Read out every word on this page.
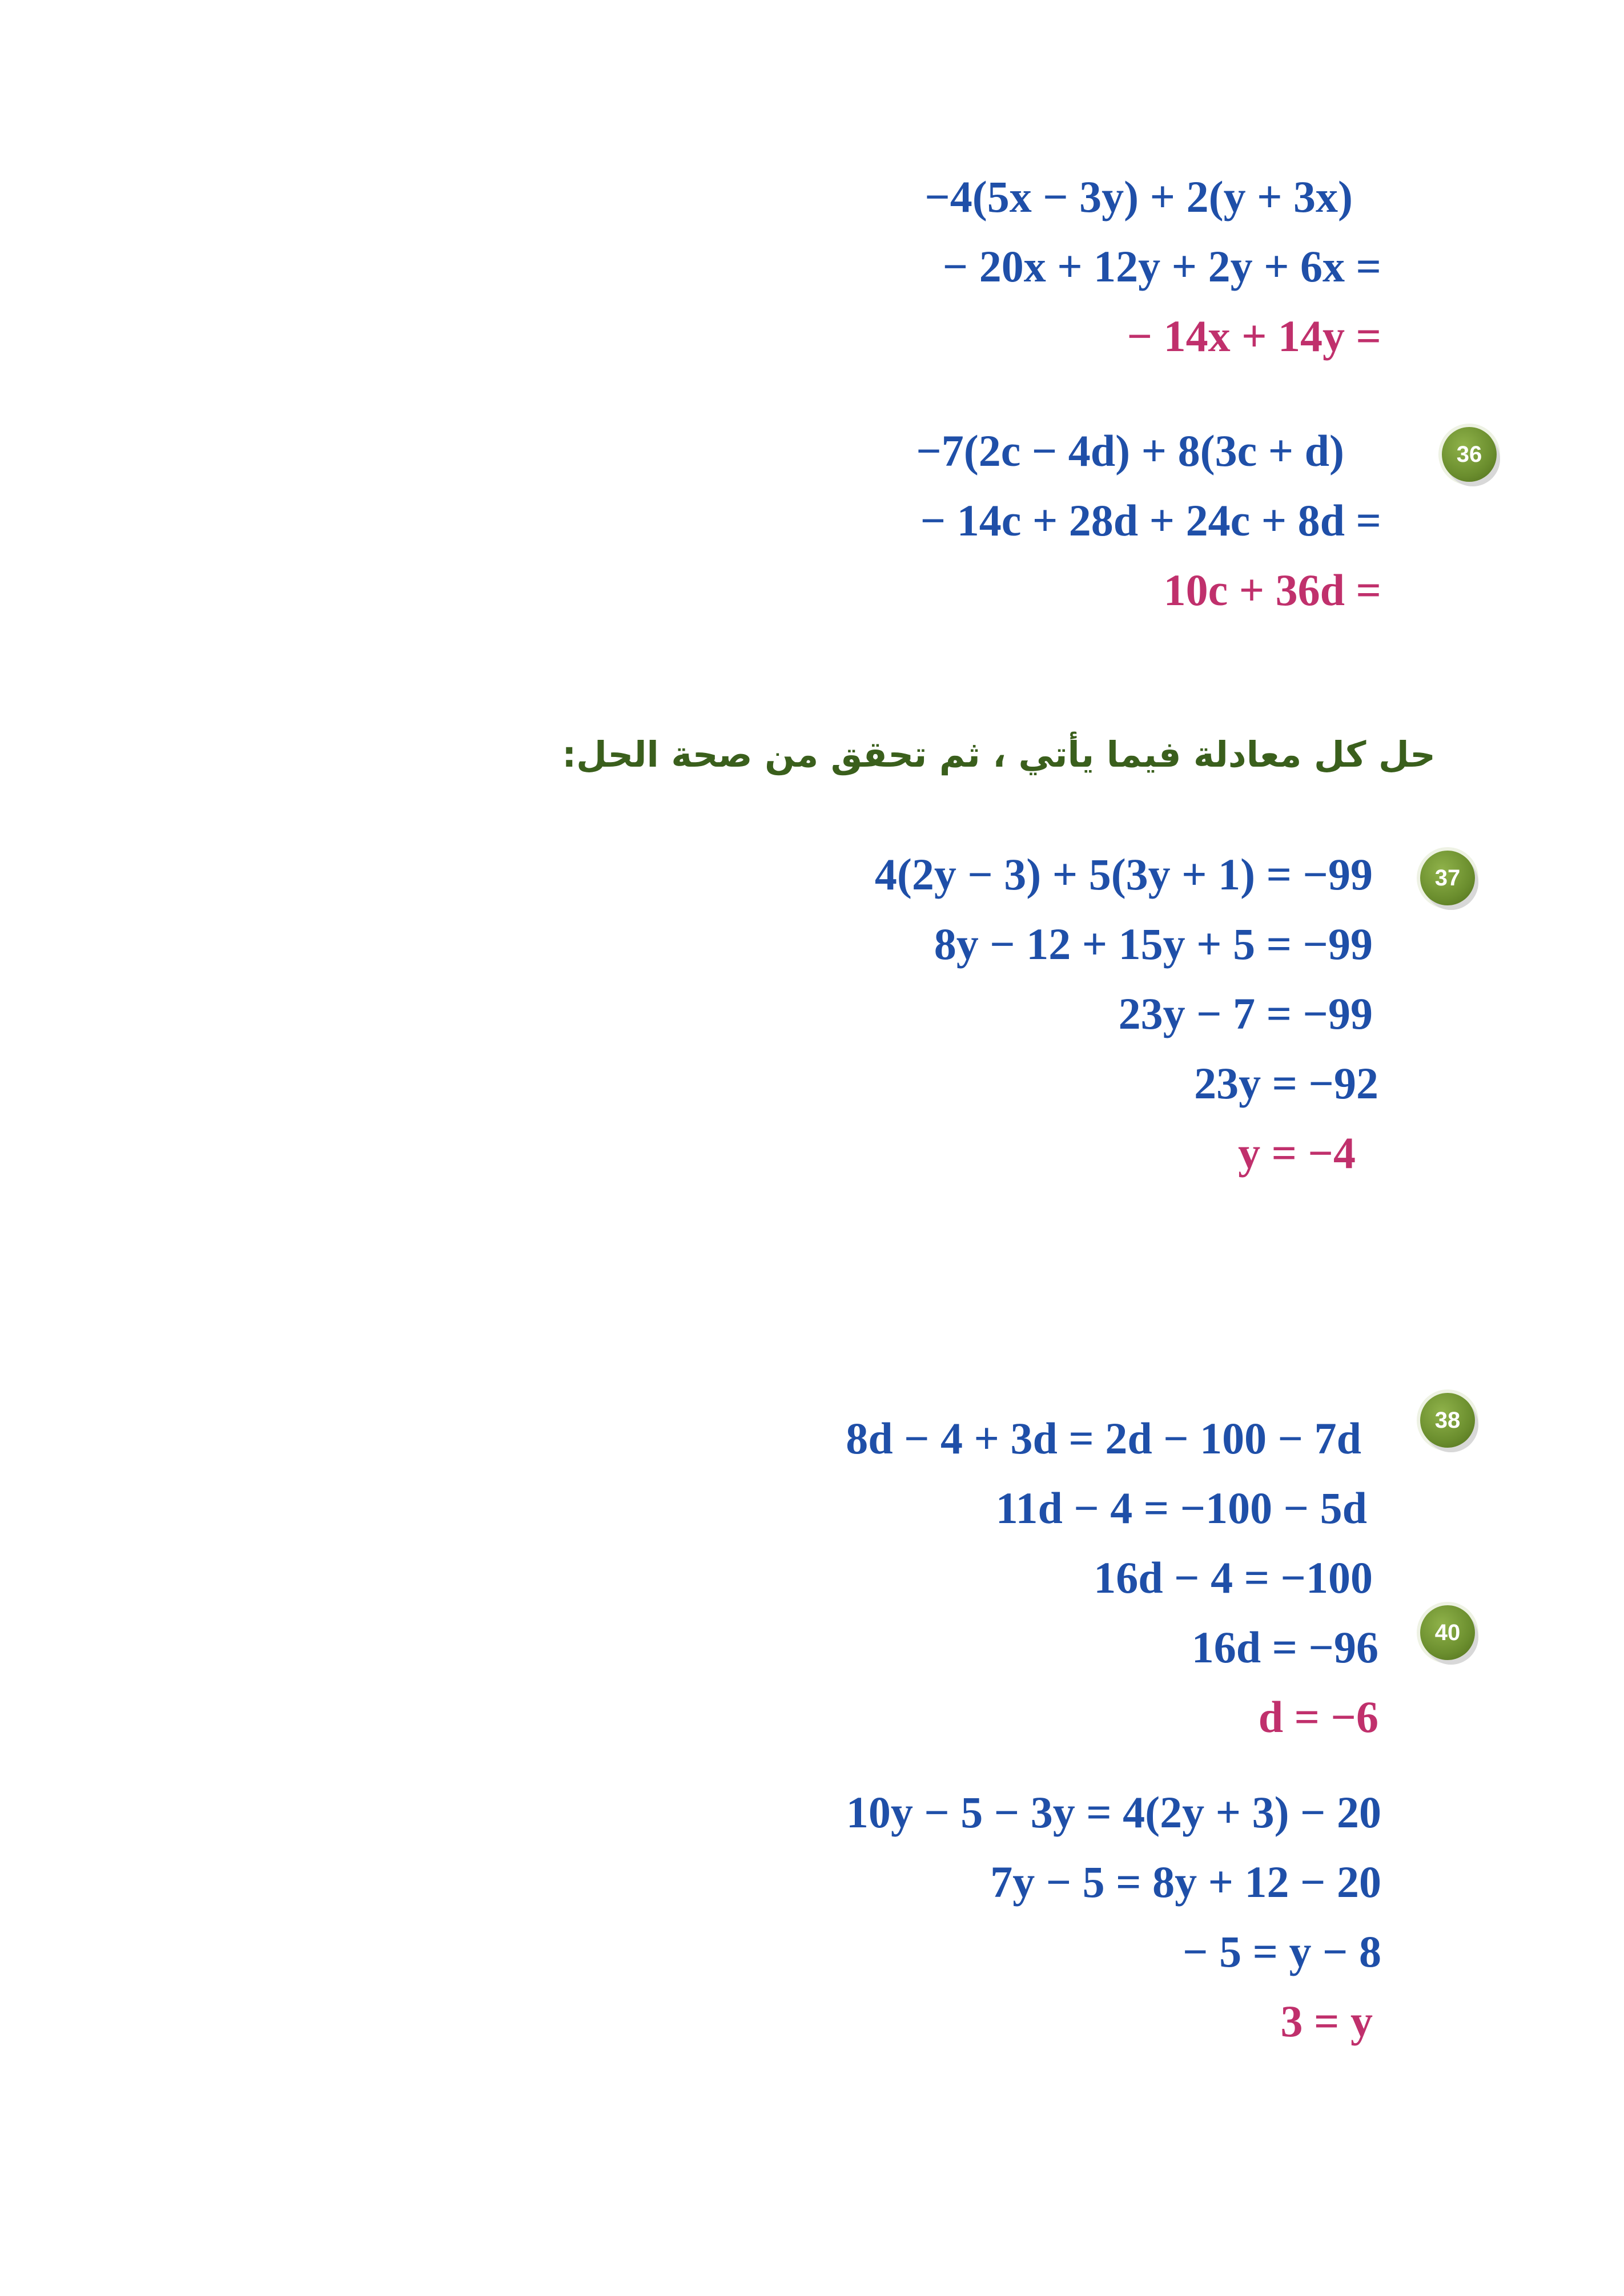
−4(5x − 3y) + 2(y + 3x)
− 20x + 12y + 2y + 6x =
− 14x + 14y =
36
−7(2c − 4d) + 8(3c + d)
− 14c + 28d + 24c + 8d =
10c + 36d =
حل كل معادلة فيما يأتي ، ثم تحقق من صحة الحل:
37
4(2y − 3) + 5(3y + 1) = −99
8y − 12 + 15y + 5 = −99
23y − 7 = −99
23y = −92
y = −4
38
8d − 4 + 3d = 2d − 100 − 7d
11d − 4 = −100 − 5d
16d − 4 = −100
16d = −96
d = −6
40
10y − 5 − 3y = 4(2y + 3) − 20
7y − 5 = 8y + 12 − 20
− 5 = y − 8
3 = y
